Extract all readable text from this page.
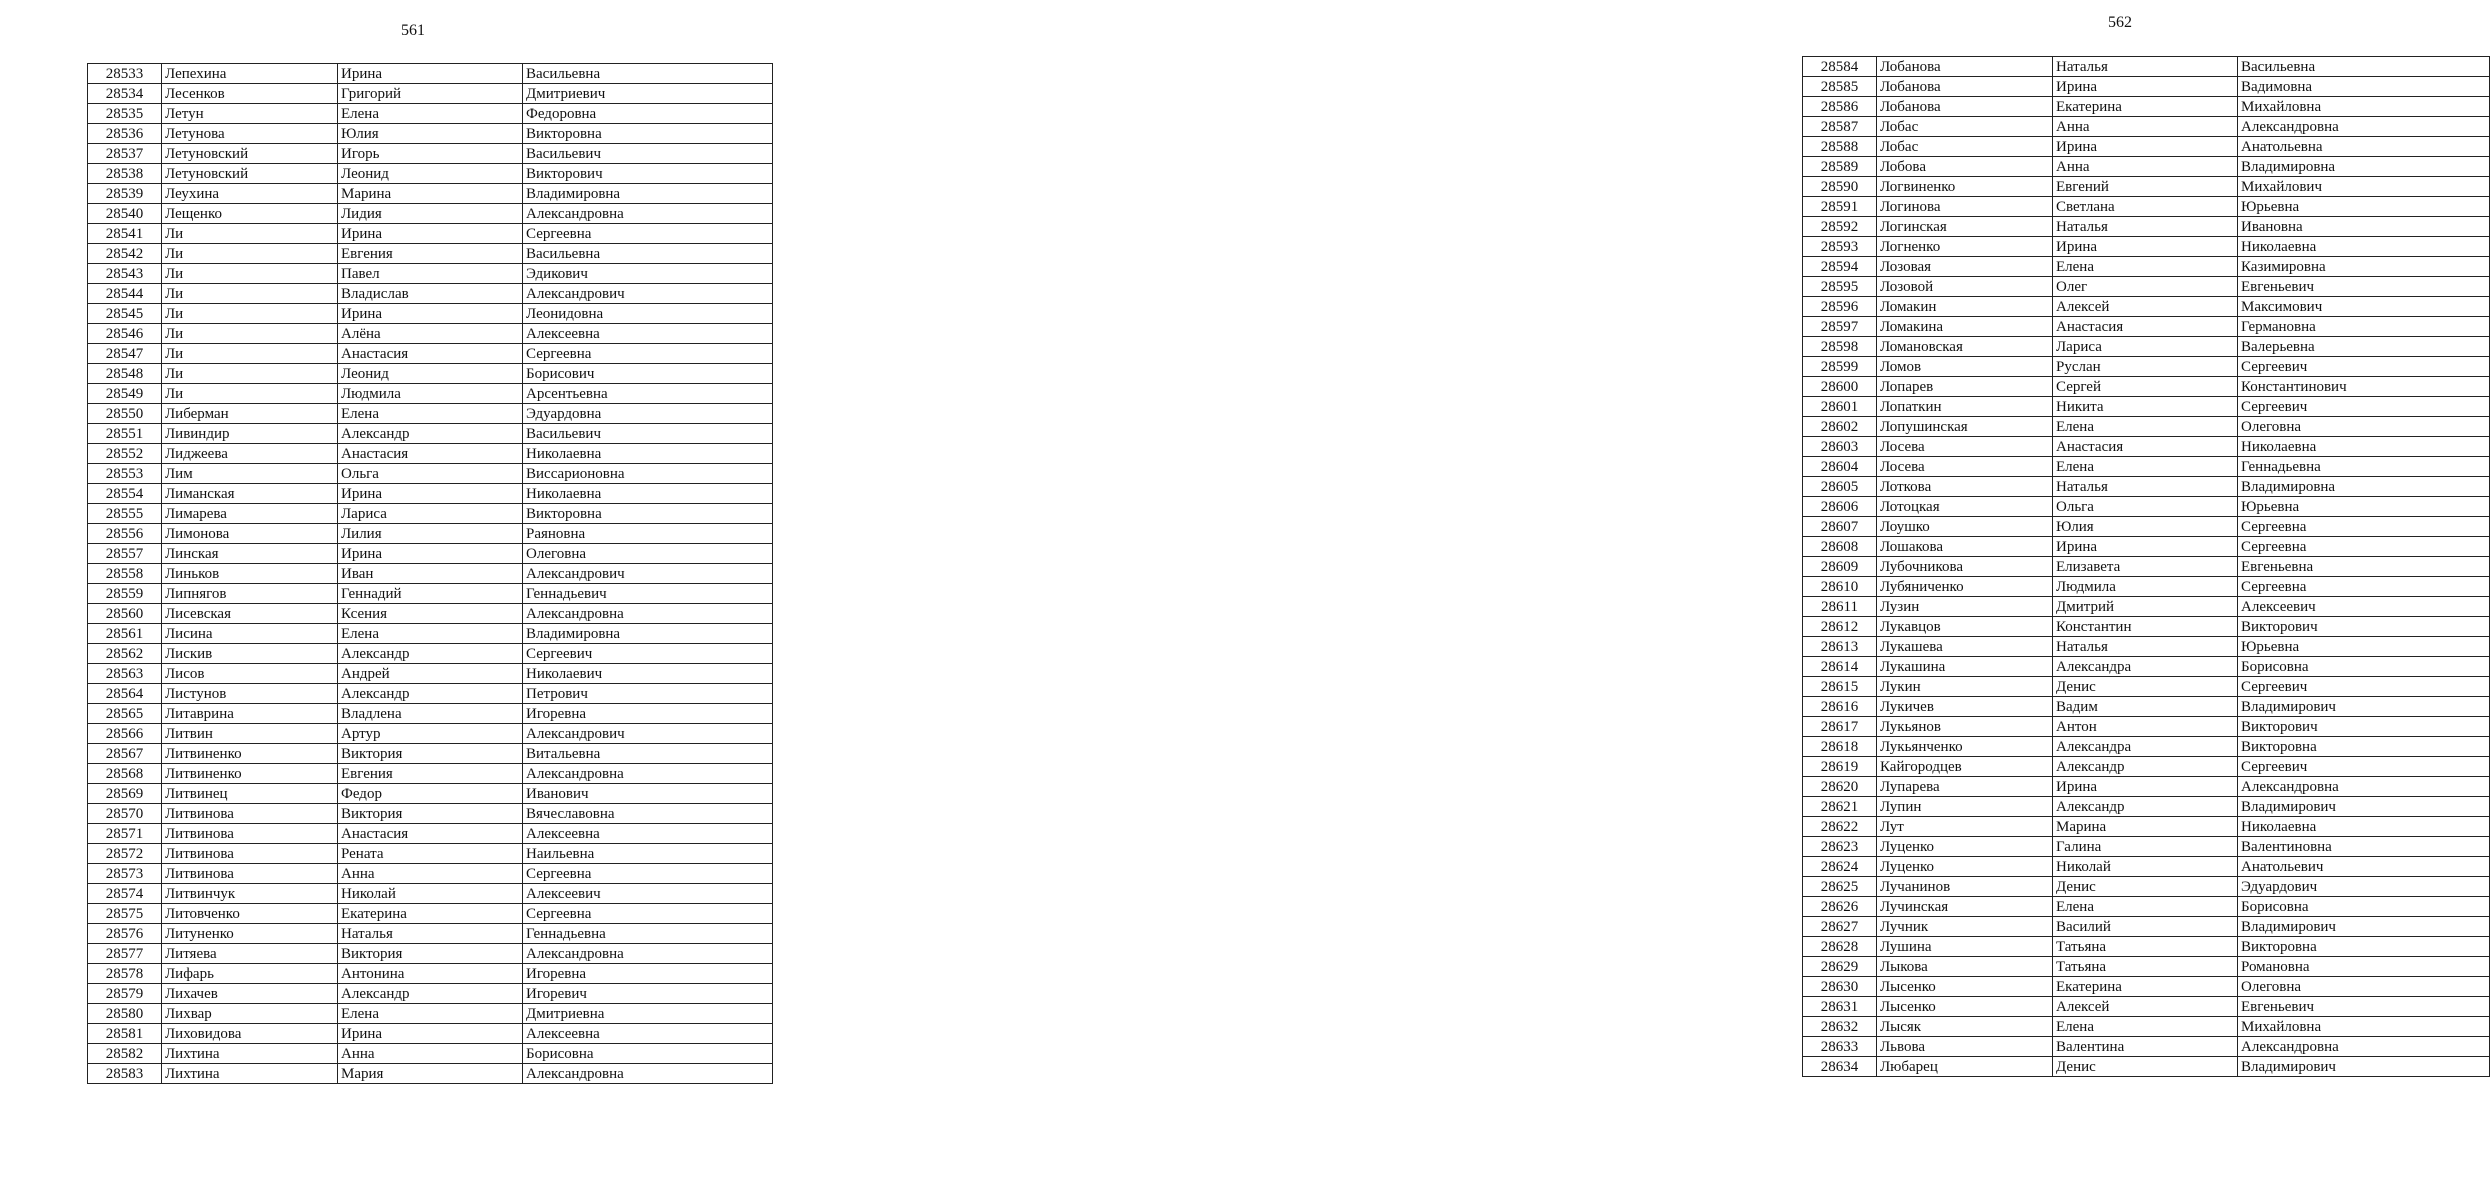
561
28533	Лепехина	Ирина	Васильевна
28534	Лесенков	Григорий	Дмитриевич
28535	Летун	Елена	Федоровна
28536	Летунова	Юлия	Викторовна
28537	Летуновский	Игорь	Васильевич
28538	Летуновский	Леонид	Викторович
28539	Леухина	Марина	Владимировна
28540	Лещенко	Лидия	Александровна
28541	Ли	Ирина	Сергеевна
28542	Ли	Евгения	Васильевна
28543	Ли	Павел	Эдикович
28544	Ли	Владислав	Александрович
28545	Ли	Ирина	Леонидовна
28546	Ли	Алёна	Алексеевна
28547	Ли	Анастасия	Сергеевна
28548	Ли	Леонид	Борисович
28549	Ли	Людмила	Арсентьевна
28550	Либерман	Елена	Эдуардовна
28551	Ливиндир	Александр	Васильевич
28552	Лиджеева	Анастасия	Николаевна
28553	Лим	Ольга	Виссарионовна
28554	Лиманская	Ирина	Николаевна
28555	Лимарева	Лариса	Викторовна
28556	Лимонова	Лилия	Раяновна
28557	Линская	Ирина	Олеговна
28558	Линьков	Иван	Александрович
28559	Липнягов	Геннадий	Геннадьевич
28560	Лисевская	Ксения	Александровна
28561	Лисина	Елена	Владимировна
28562	Лискив	Александр	Сергеевич
28563	Лисов	Андрей	Николаевич
28564	Листунов	Александр	Петрович
28565	Литаврина	Владлена	Игоревна
28566	Литвин	Артур	Александрович
28567	Литвиненко	Виктория	Витальевна
28568	Литвиненко	Евгения	Александровна
28569	Литвинец	Федор	Иванович
28570	Литвинова	Виктория	Вячеславовна
28571	Литвинова	Анастасия	Алексеевна
28572	Литвинова	Рената	Наильевна
28573	Литвинова	Анна	Сергеевна
28574	Литвинчук	Николай	Алексеевич
28575	Литовченко	Екатерина	Сергеевна
28576	Литуненко	Наталья	Геннадьевна
28577	Литяева	Виктория	Александровна
28578	Лифарь	Антонина	Игоревна
28579	Лихачев	Александр	Игоревич
28580	Лихвар	Елена	Дмитриевна
28581	Лиховидова	Ирина	Алексеевна
28582	Лихтина	Анна	Борисовна
28583	Лихтина	Мария	Александровна
562
28584	Лобанова	Наталья	Васильевна
28585	Лобанова	Ирина	Вадимовна
28586	Лобанова	Екатерина	Михайловна
28587	Лобас	Анна	Александровна
28588	Лобас	Ирина	Анатольевна
28589	Лобова	Анна	Владимировна
28590	Логвиненко	Евгений	Михайлович
28591	Логинова	Светлана	Юрьевна
28592	Логинская	Наталья	Ивановна
28593	Логненко	Ирина	Николаевна
28594	Лозовая	Елена	Казимировна
28595	Лозовой	Олег	Евгеньевич
28596	Ломакин	Алексей	Максимович
28597	Ломакина	Анастасия	Германовна
28598	Ломановская	Лариса	Валерьевна
28599	Ломов	Руслан	Сергеевич
28600	Лопарев	Сергей	Константинович
28601	Лопаткин	Никита	Сергеевич
28602	Лопушинская	Елена	Олеговна
28603	Лосева	Анастасия	Николаевна
28604	Лосева	Елена	Геннадьевна
28605	Лоткова	Наталья	Владимировна
28606	Лотоцкая	Ольга	Юрьевна
28607	Лоушко	Юлия	Сергеевна
28608	Лошакова	Ирина	Сергеевна
28609	Лубочникова	Елизавета	Евгеньевна
28610	Лубяниченко	Людмила	Сергеевна
28611	Лузин	Дмитрий	Алексеевич
28612	Лукавцов	Константин	Викторович
28613	Лукашева	Наталья	Юрьевна
28614	Лукашина	Александра	Борисовна
28615	Лукин	Денис	Сергеевич
28616	Лукичев	Вадим	Владимирович
28617	Лукьянов	Антон	Викторович
28618	Лукьянченко	Александра	Викторовна
28619	Кайгородцев	Александр	Сергеевич
28620	Лупарева	Ирина	Александровна
28621	Лупин	Александр	Владимирович
28622	Лут	Марина	Николаевна
28623	Луценко	Галина	Валентиновна
28624	Луценко	Николай	Анатольевич
28625	Лучанинов	Денис	Эдуардович
28626	Лучинская	Елена	Борисовна
28627	Лучник	Василий	Владимирович
28628	Лушина	Татьяна	Викторовна
28629	Лыкова	Татьяна	Романовна
28630	Лысенко	Екатерина	Олеговна
28631	Лысенко	Алексей	Евгеньевич
28632	Лысяк	Елена	Михайловна
28633	Львова	Валентина	Александровна
28634	Любарец	Денис	Владимирович
